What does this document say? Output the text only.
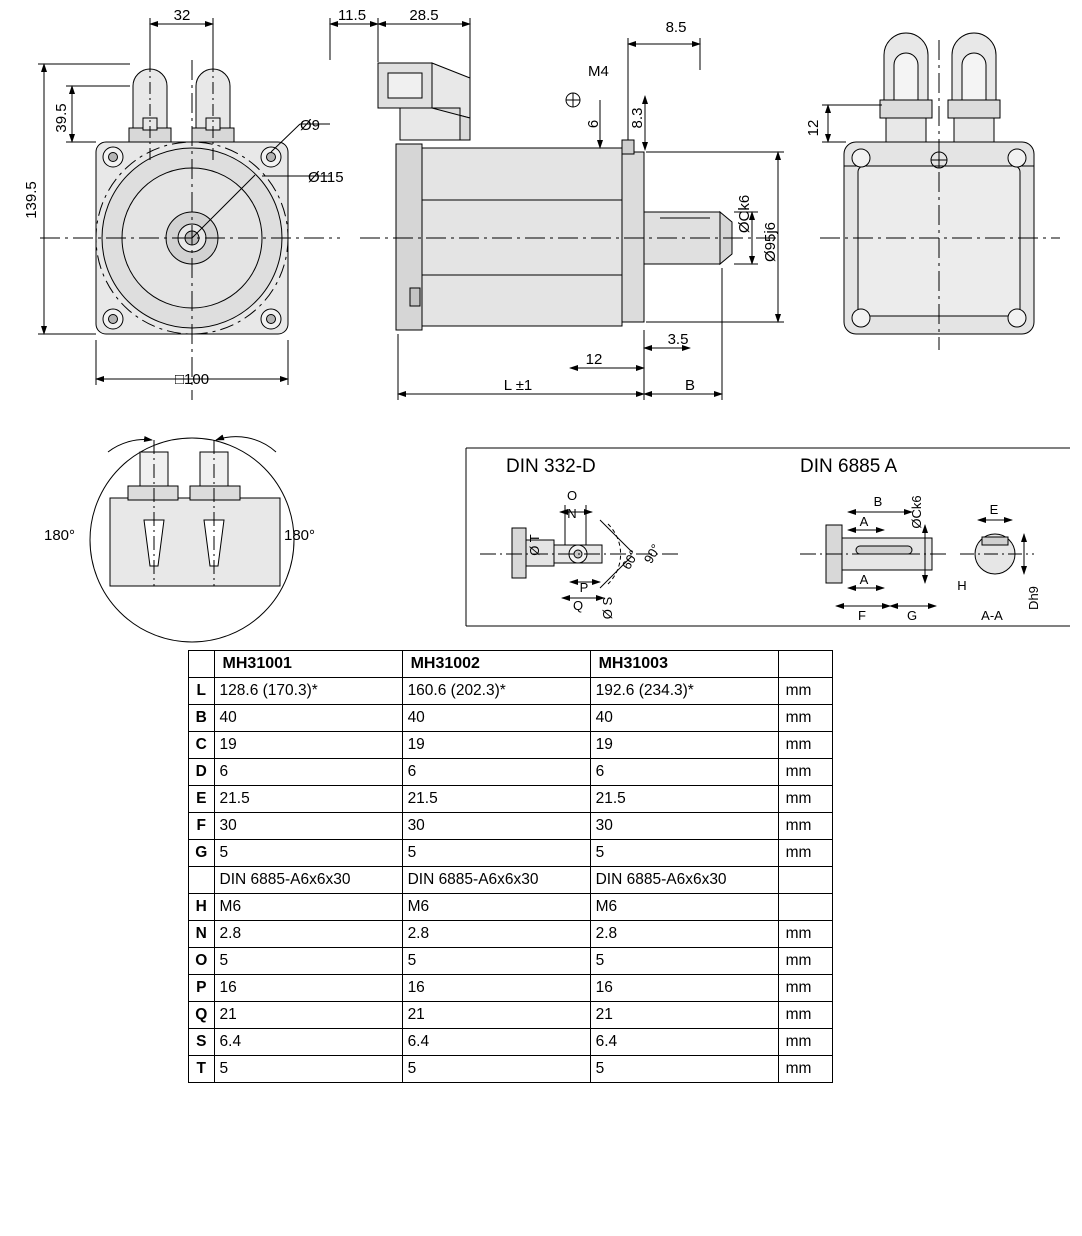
32
39.5
139.5
Ø9
Ø115
□100
11.5	28.5
8.5
M4
6 8.3
ØCk6
Ø95j6
3.5
12
L ±1	B
12
180°	180°
DIN 332-D	DIN 6885 A
Ø T
O
N
P
Q Ø S
60° 90°
B
A	ØCk6
A
F	G
E
H
Dh9
A-A
	MH31001	MH31002	MH31003	
L	128.6 (170.3)*	160.6 (202.3)*	192.6 (234.3)*	mm
B	40	40	40	mm
C	19	19	19	mm
D	6	6	6	mm
E	21.5	21.5	21.5	mm
F	30	30	30	mm
G	5	5	5	mm
	DIN 6885-A6x6x30	DIN 6885-A6x6x30	DIN 6885-A6x6x30	
H	M6	M6	M6	
N	2.8	2.8	2.8	mm
O	5	5	5	mm
P	16	16	16	mm
Q	21	21	21	mm
S	6.4	6.4	6.4	mm
T	5	5	5	mm
